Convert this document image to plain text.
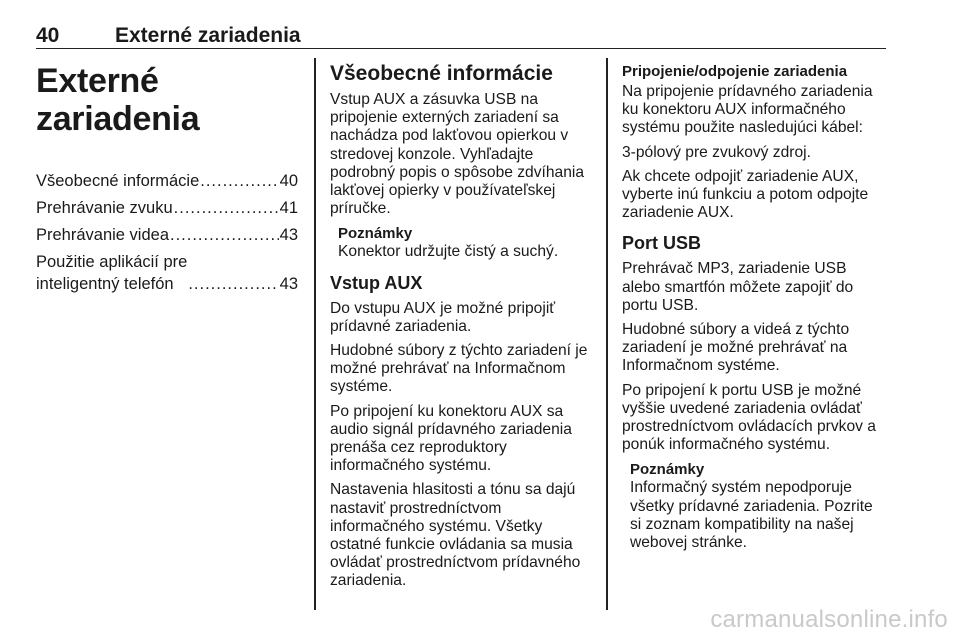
40	Externé zariadenia
Externé zariadenia
Všeobecné informácie .....	40
Prehrávanie zvuku .....	41
Prehrávanie videa .....	43
Použitie aplikácií pre
inteligentný telefón .....	43
Všeobecné informácie

Vstup AUX a zásuvka USB na pripojenie externých zariadení sa nachádza pod lakťovou opierkou v stredovej konzole. Vyhľadajte podrobný popis o spôsobe zdvíhania lakťovej opierky v používateľskej príručke.

Poznámky

Konektor udržujte čistý a suchý.

Vstup AUX

Do vstupu AUX je možné pripojiť prídavné zariadenia.

Hudobné súbory z týchto zariadení je možné prehrávať na Informačnom systéme.

Po pripojení ku konektoru AUX sa audio signál prídavného zariadenia prenáša cez reproduktory informačného systému.

Nastavenia hlasitosti a tónu sa dajú nastaviť prostredníctvom informačného systému. Všetky ostatné funkcie ovládania sa musia ovládať prostredníctvom prídavného zariadenia.

Pripojenie/odpojenie zariadenia

Na pripojenie prídavného zariadenia ku konektoru AUX informačného systému použite nasledujúci kábel:

3-pólový pre zvukový zdroj.

Ak chcete odpojiť zariadenie AUX, vyberte inú funkciu a potom odpojte zariadenie AUX.

Port USB

Prehrávač MP3, zariadenie USB alebo smartfón môžete zapojiť do portu USB.

Hudobné súbory a videá z týchto zariadení je možné prehrávať na Informačnom systéme.

Po pripojení k portu USB je možné vyššie uvedené zariadenia ovládať prostredníctvom ovládacích prvkov a ponúk informačného systému.

Poznámky

Informačný systém nepodporuje všetky prídavné zariadenia. Pozrite si zoznam kompatibility na našej webovej stránke.

carmanualsonline.info
